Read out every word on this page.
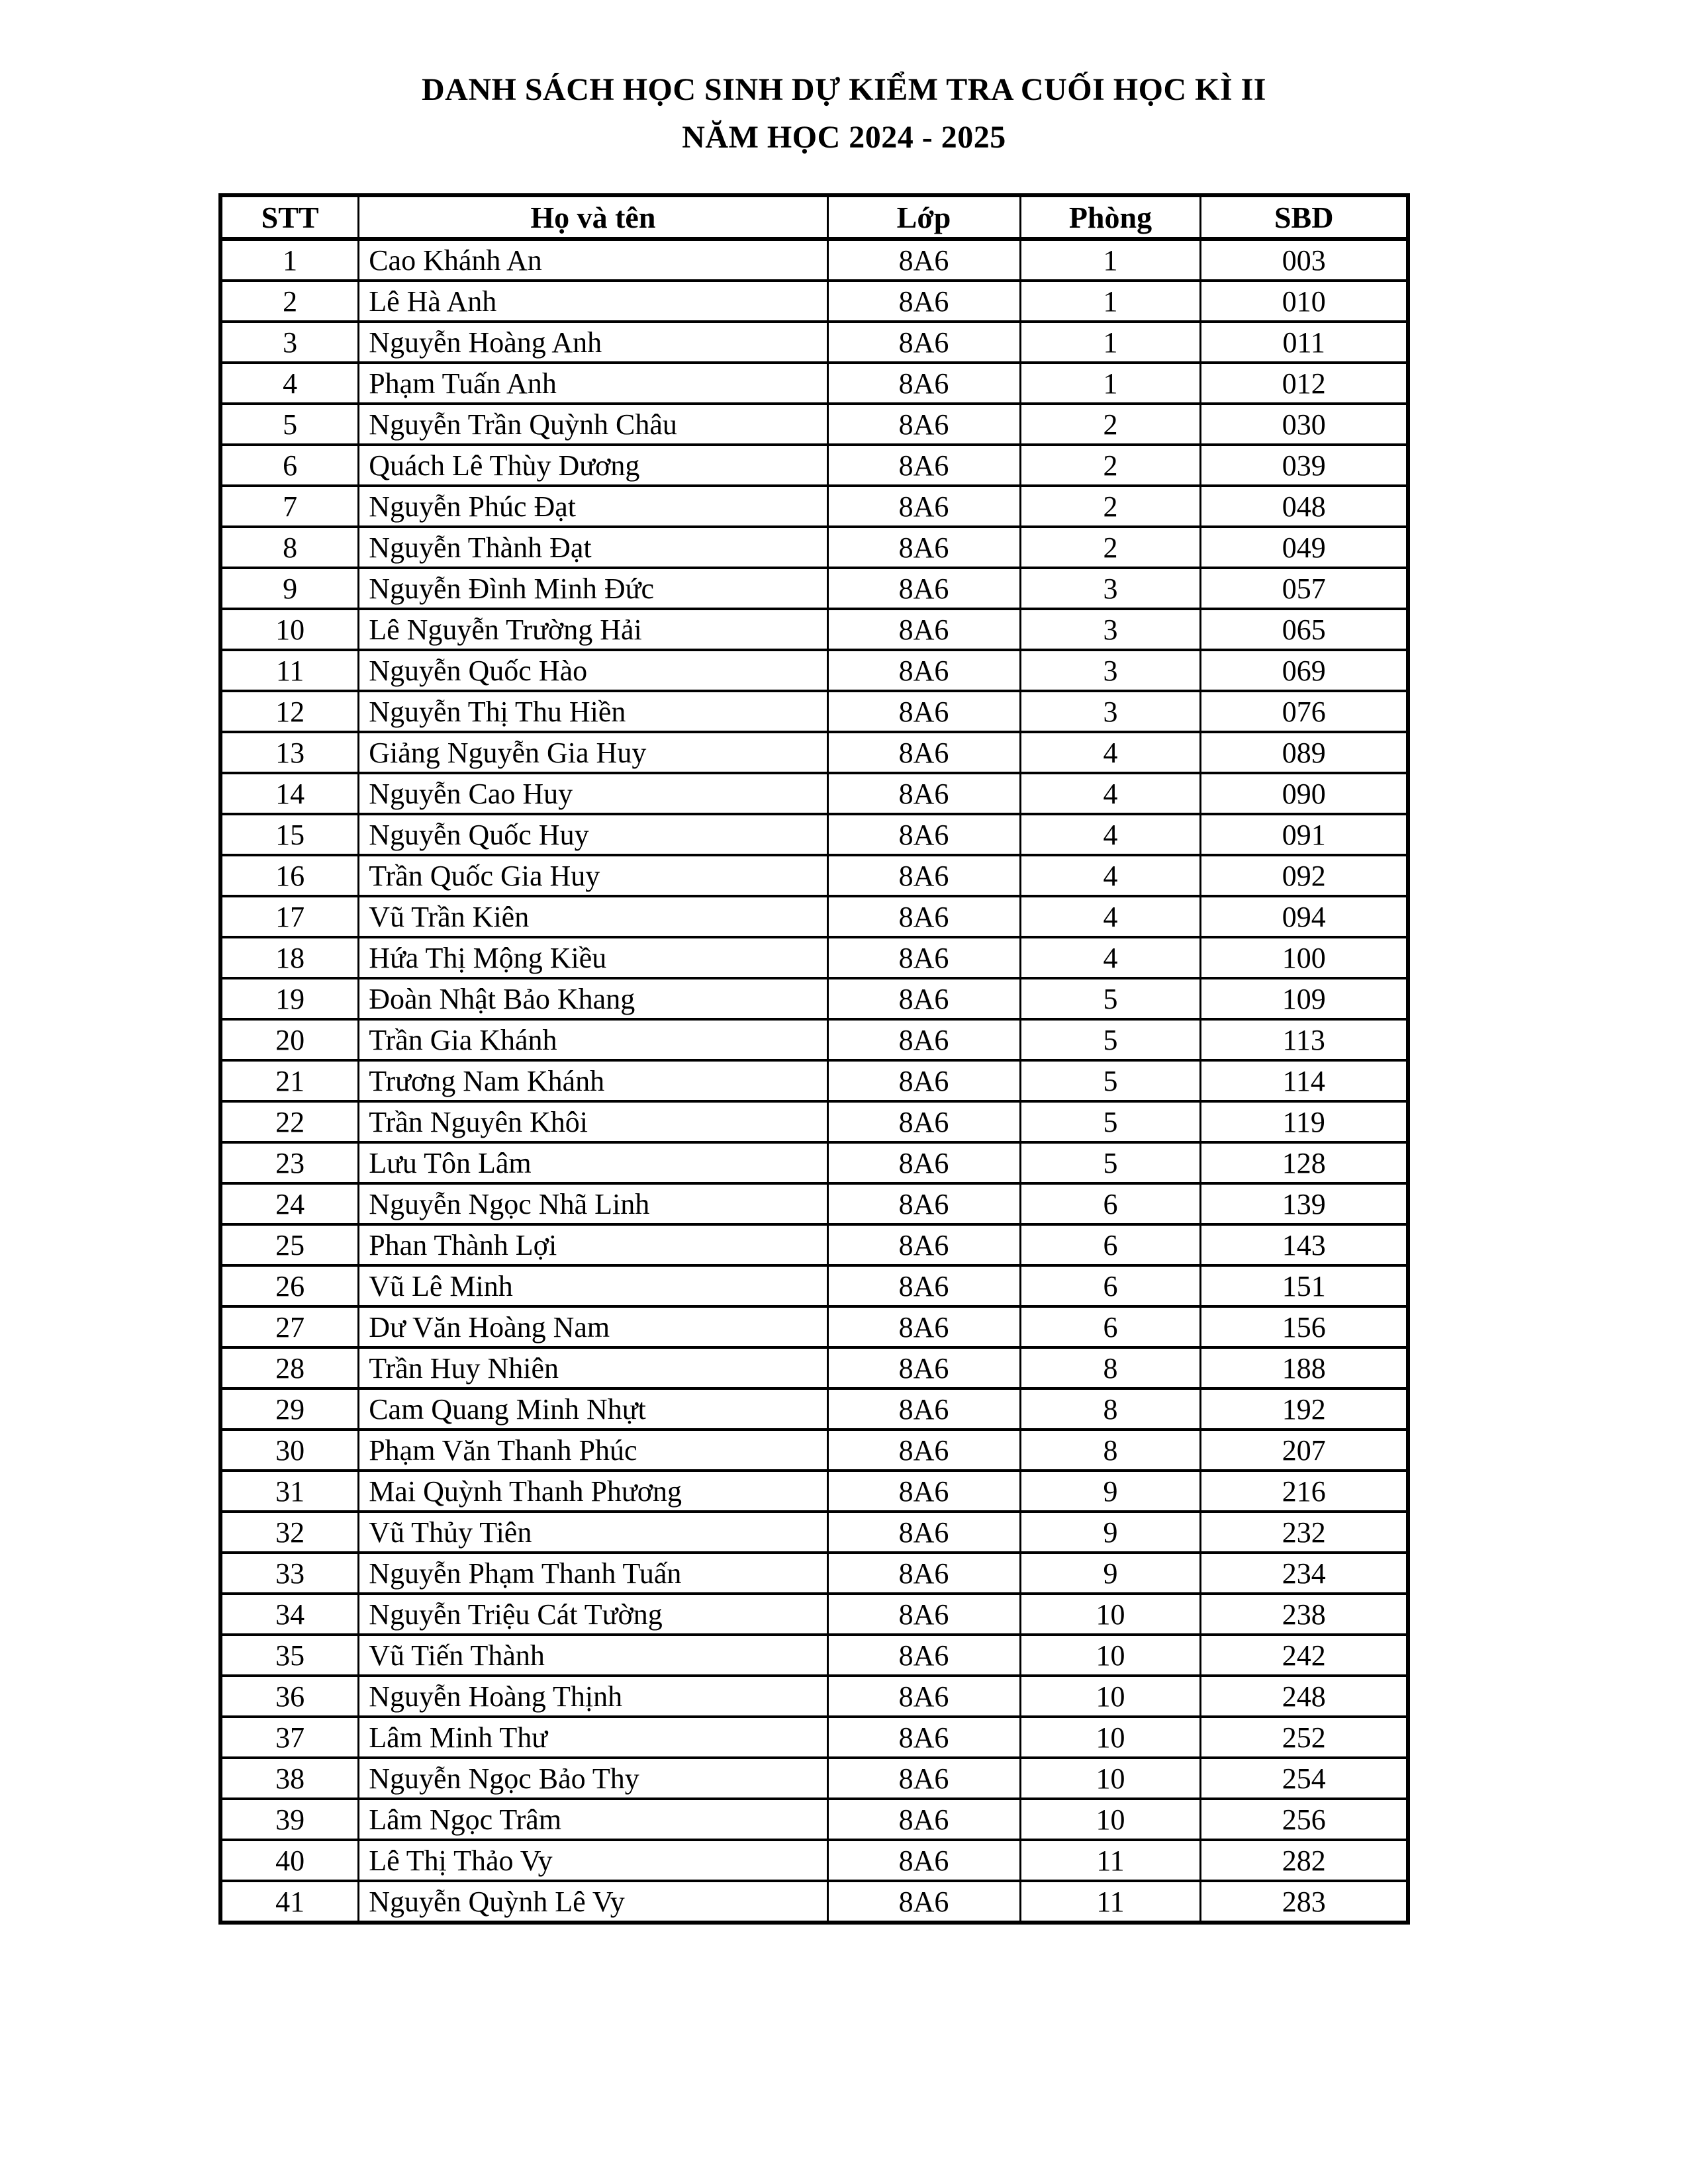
DANH SÁCH HỌC SINH DỰ KIỂM TRA CUỐI HỌC KÌ II
NĂM HỌC 2024 - 2025
STT	Họ và tên	Lớp	Phòng	SBD
1	Cao Khánh An	8A6	1	003
2	Lê Hà Anh	8A6	1	010
3	Nguyễn Hoàng Anh	8A6	1	011
4	Phạm Tuấn Anh	8A6	1	012
5	Nguyễn Trần Quỳnh Châu	8A6	2	030
6	Quách Lê Thùy Dương	8A6	2	039
7	Nguyễn Phúc Đạt	8A6	2	048
8	Nguyễn Thành Đạt	8A6	2	049
9	Nguyễn Đình Minh Đức	8A6	3	057
10	Lê Nguyễn Trường Hải	8A6	3	065
11	Nguyễn Quốc Hào	8A6	3	069
12	Nguyễn Thị Thu Hiền	8A6	3	076
13	Giảng Nguyễn Gia Huy	8A6	4	089
14	Nguyễn Cao Huy	8A6	4	090
15	Nguyễn Quốc Huy	8A6	4	091
16	Trần Quốc Gia Huy	8A6	4	092
17	Vũ Trần Kiên	8A6	4	094
18	Hứa Thị Mộng Kiều	8A6	4	100
19	Đoàn Nhật Bảo Khang	8A6	5	109
20	Trần Gia Khánh	8A6	5	113
21	Trương Nam Khánh	8A6	5	114
22	Trần Nguyên Khôi	8A6	5	119
23	Lưu Tôn Lâm	8A6	5	128
24	Nguyễn Ngọc Nhã Linh	8A6	6	139
25	Phan Thành Lợi	8A6	6	143
26	Vũ Lê Minh	8A6	6	151
27	Dư Văn Hoàng Nam	8A6	6	156
28	Trần Huy Nhiên	8A6	8	188
29	Cam Quang Minh Nhựt	8A6	8	192
30	Phạm Văn Thanh Phúc	8A6	8	207
31	Mai Quỳnh Thanh Phương	8A6	9	216
32	Vũ Thủy Tiên	8A6	9	232
33	Nguyễn Phạm Thanh Tuấn	8A6	9	234
34	Nguyễn Triệu Cát Tường	8A6	10	238
35	Vũ Tiến Thành	8A6	10	242
36	Nguyễn Hoàng Thịnh	8A6	10	248
37	Lâm Minh Thư	8A6	10	252
38	Nguyễn Ngọc Bảo Thy	8A6	10	254
39	Lâm Ngọc Trâm	8A6	10	256
40	Lê Thị Thảo Vy	8A6	11	282
41	Nguyễn Quỳnh Lê Vy	8A6	11	283
